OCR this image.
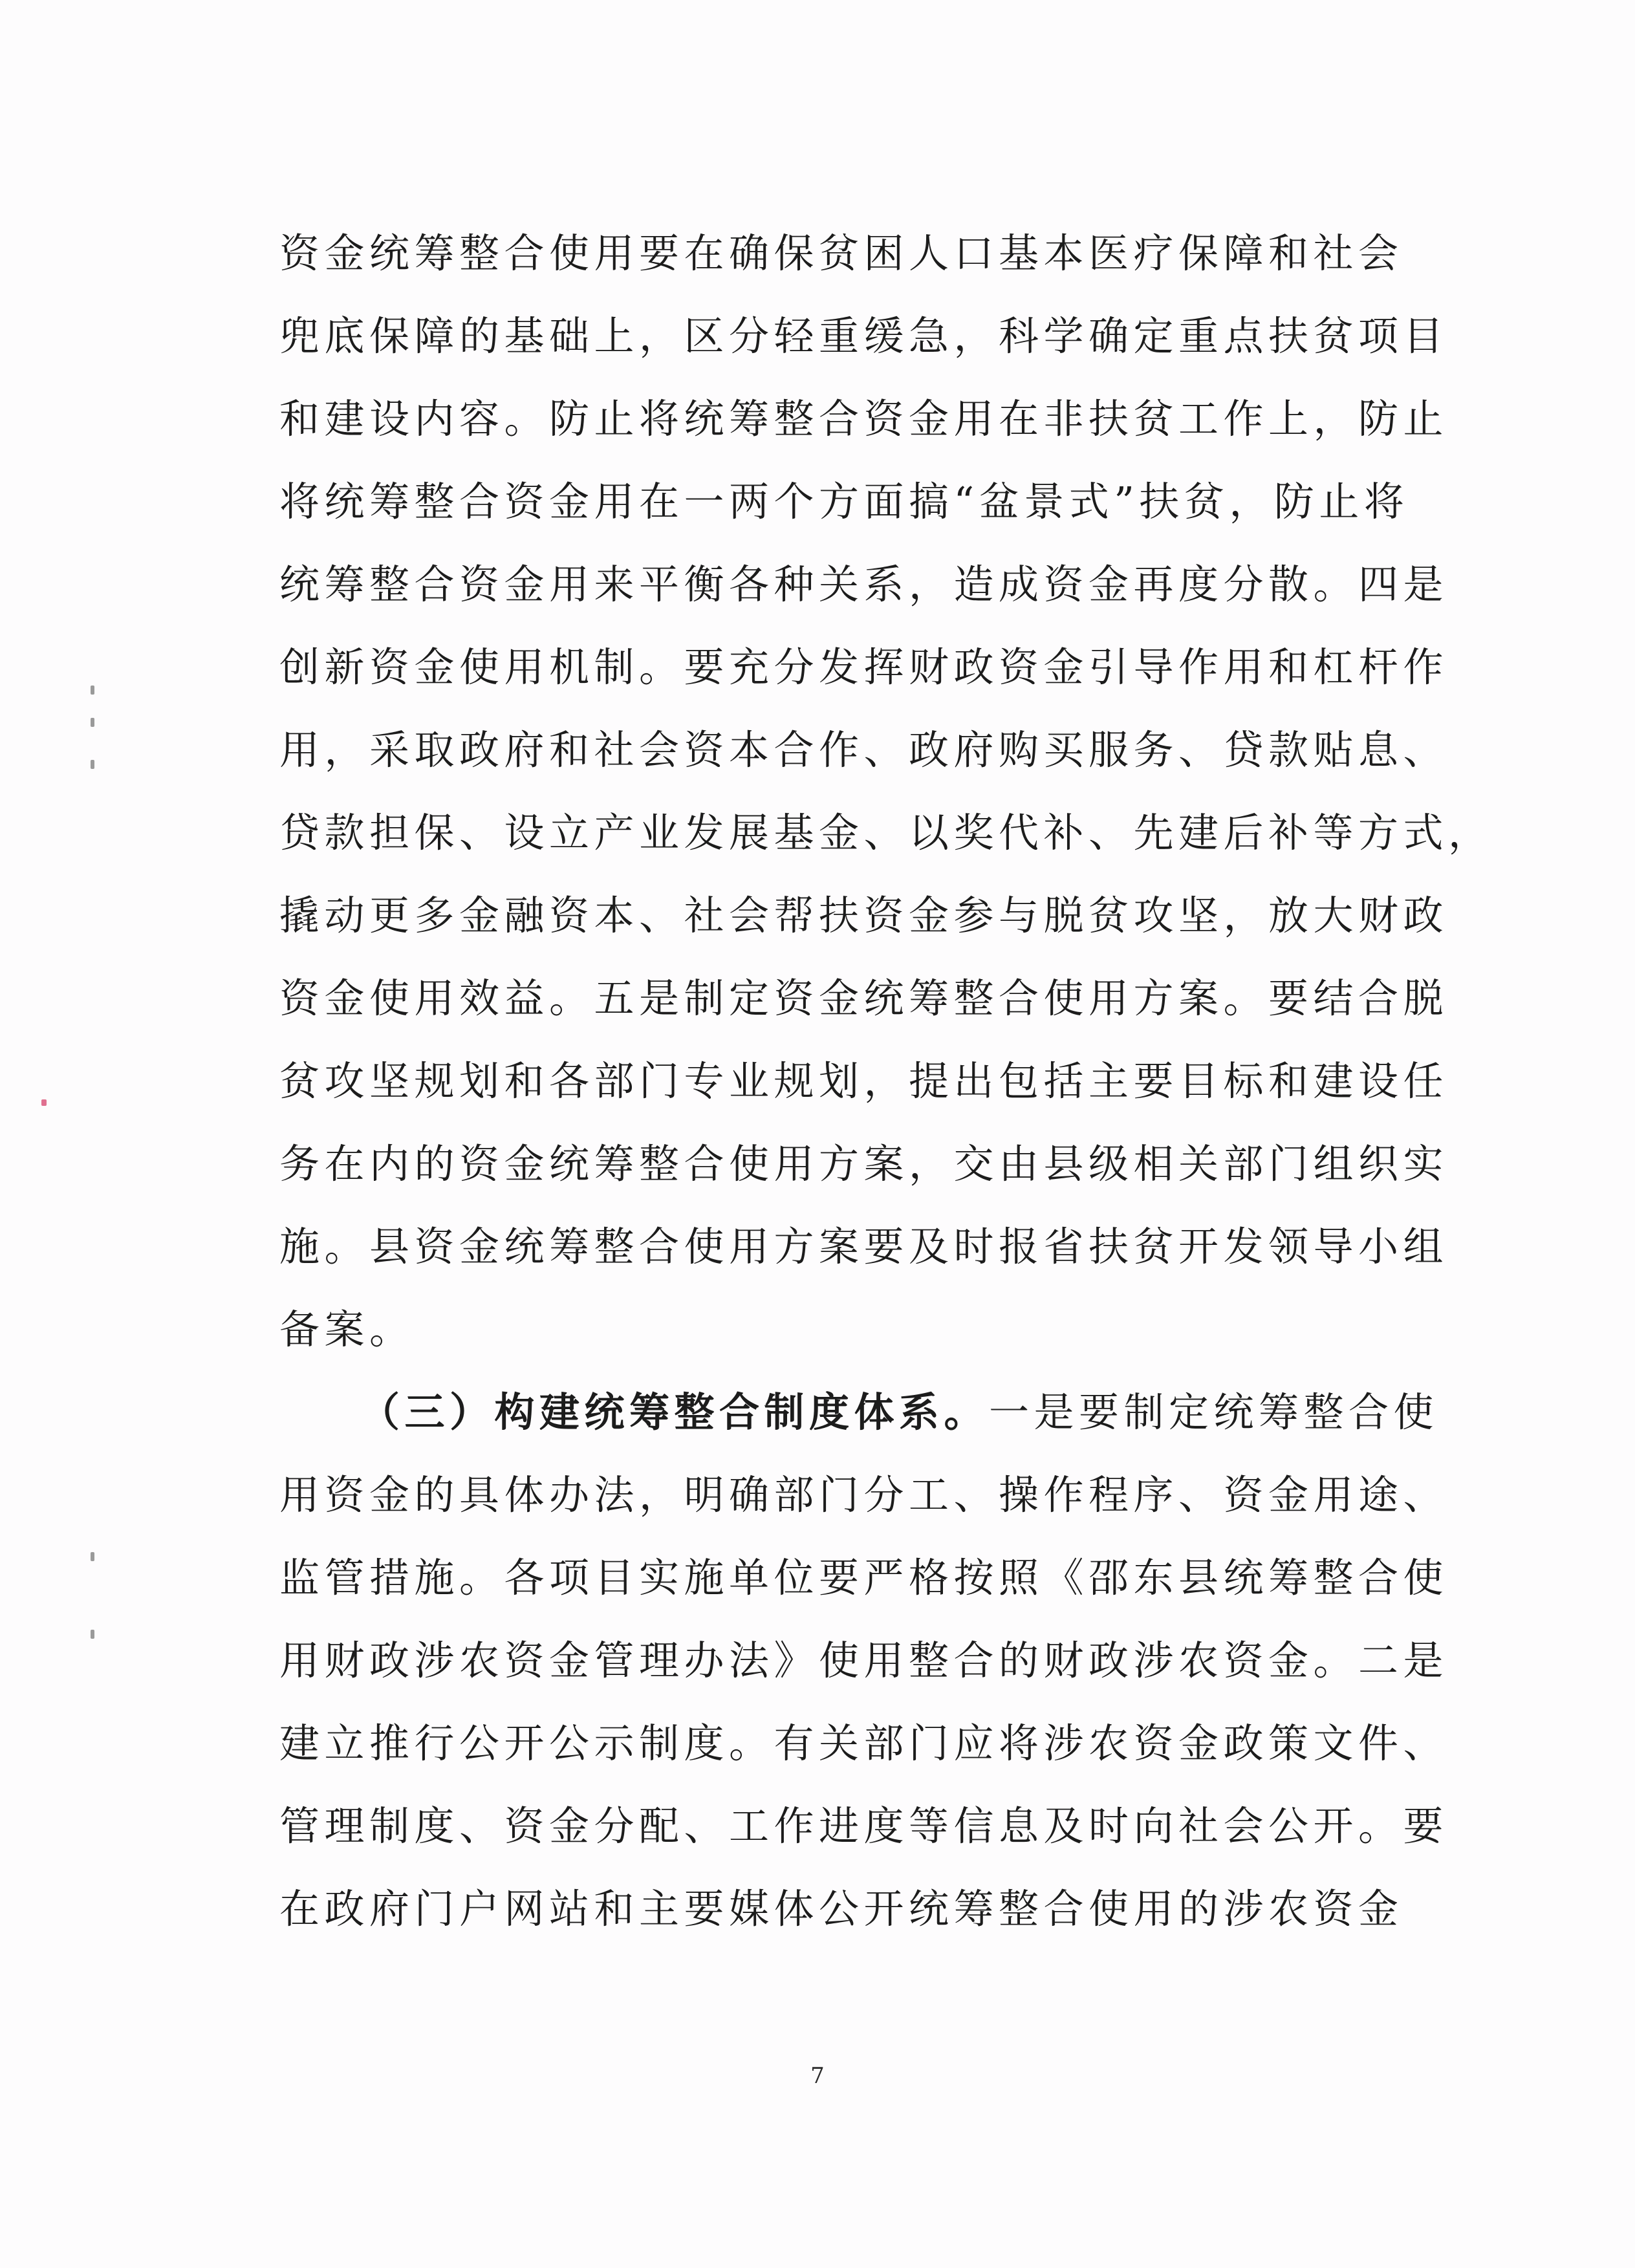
资金统筹整合使用要在确保贫困人口基本医疗保障和社会
兜底保障的基础上，区分轻重缓急，科学确定重点扶贫项目
和建设内容。防止将统筹整合资金用在非扶贫工作上，防止
将统筹整合资金用在一两个方面搞“盆景式”扶贫，防止将
统筹整合资金用来平衡各种关系，造成资金再度分散。四是
创新资金使用机制。要充分发挥财政资金引导作用和杠杆作
用，采取政府和社会资本合作、政府购买服务、贷款贴息、
贷款担保、设立产业发展基金、以奖代补、先建后补等方式，
撬动更多金融资本、社会帮扶资金参与脱贫攻坚，放大财政
资金使用效益。五是制定资金统筹整合使用方案。要结合脱
贫攻坚规划和各部门专业规划，提出包括主要目标和建设任
务在内的资金统筹整合使用方案，交由县级相关部门组织实
施。县资金统筹整合使用方案要及时报省扶贫开发领导小组
备案。
（三）构建统筹整合制度体系。一是要制定统筹整合使
用资金的具体办法，明确部门分工、操作程序、资金用途、
监管措施。各项目实施单位要严格按照《邵东县统筹整合使
用财政涉农资金管理办法》使用整合的财政涉农资金。二是
建立推行公开公示制度。有关部门应将涉农资金政策文件、
管理制度、资金分配、工作进度等信息及时向社会公开。要
在政府门户网站和主要媒体公开统筹整合使用的涉农资金
7
